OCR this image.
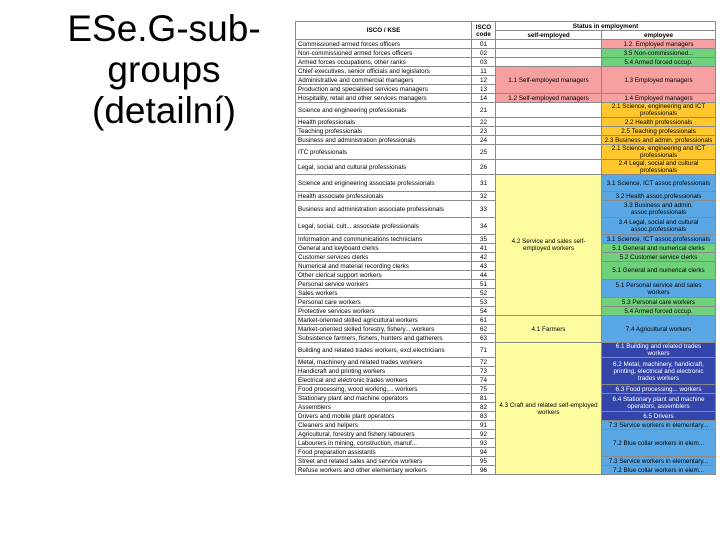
ESe.G-sub-groups (detailní)
ISCO / KSE	ISCO code	Status in employment	
		self-employed	employee
Commissioned armed forces officers	01		1.2. Employed managers
Non-commissioned armed forces officers	02		3.5 Non-commissioned...
Armed forces occupations, other ranks	03		5.4 Armed forced occup.
Chief executives, senior officials and legislators	11	1.1 Self-employed managers	1.3 Employed managers
Administrative and commercial managers	12		
Production and specialised services managers	13		
Hospitality, retail and other services managers	14	1.2 Self-employed managers	1.4 Employed managers
Science and engineering professionals	21		2.1 Science, engineering and ICT professionals
Health professionals	22		2.2 Health professionals
Teaching professionals	23		2.5 Teaching professionals
Business and administration professionals	24		2.3 Business and admin. professionals
ITC professionals	25		2.1 Science, engineering and ICT professionals
Legal, social and cultural professionals	26		2.4 Legal, social and cultural professionals
Science and engineering associate professionals	31	4.2 Service and sales self-employed workers	3.1 Science, ICT assoc.professionals
Health associate professionals	32		3.2 Health assoc.professionals
Business and administration associate professionals	33		3.3 Business and admin. assoc.professionals
Legal, social, cult... associate professionals	34		3.4 Legal, social and cultural assoc.professionals
Information and communications technicians	35		3.1 Science, ICT assoc.professionals
General and keyboard clerks	41		5.1 General and numerical clerks
Customer services clerks	42		5.2 Customer service clerks
Numerical and material recording clerks	43		5.1 General and numerical clerks
Other clerical support workers	44		
Personal service workers	51		5.1 Personal service and sales workers
Sales workers	52		
Personal care workers	53		5.3 Personal care workers
Protective services workers	54		5.4 Armed forced occup.
Market-oriented skilled agricultural workers	61	4.1 Farmers	7.4 Agricultural workers
Market-oriented skilled forestry, fishery... workers	62		
Subsistence farmers, fishers, hunters and gatherers	63		
Building and related trades workers, excl.electricians	71	4.3 Craft and related self-employed workers	6.1 Building and related trades workers
Metal, machinery and related trades workers	72		6.2 Metal, machinery, handicraft, printing, electrical and electronic trades workers
Handicraft and printing workers	73		
Electrical and electronic trades workers	74		
Food processing, wood working,... workers	75		6.3 Food processing... workers
Stationary plant and machine operators	81		6.4 Stationary plant and machine operators, assemblers
Assemblers	82		
Drivers and mobile plant operators	83		6.5 Drivers
Cleaners and helpers	91		7.3 Service workers in elementary...
Agricultural, forestry and fishery labourers	92		7.2 Blue collar workers in elem...
Labourers in mining, construction, manuf...	93		
Food preparation assistants	94		
Street and related sales and service workers	95		7.3 Service workers in elementary...
Refuse workers and other elementary workers	96		7.2 Blue collar workers in elem...
